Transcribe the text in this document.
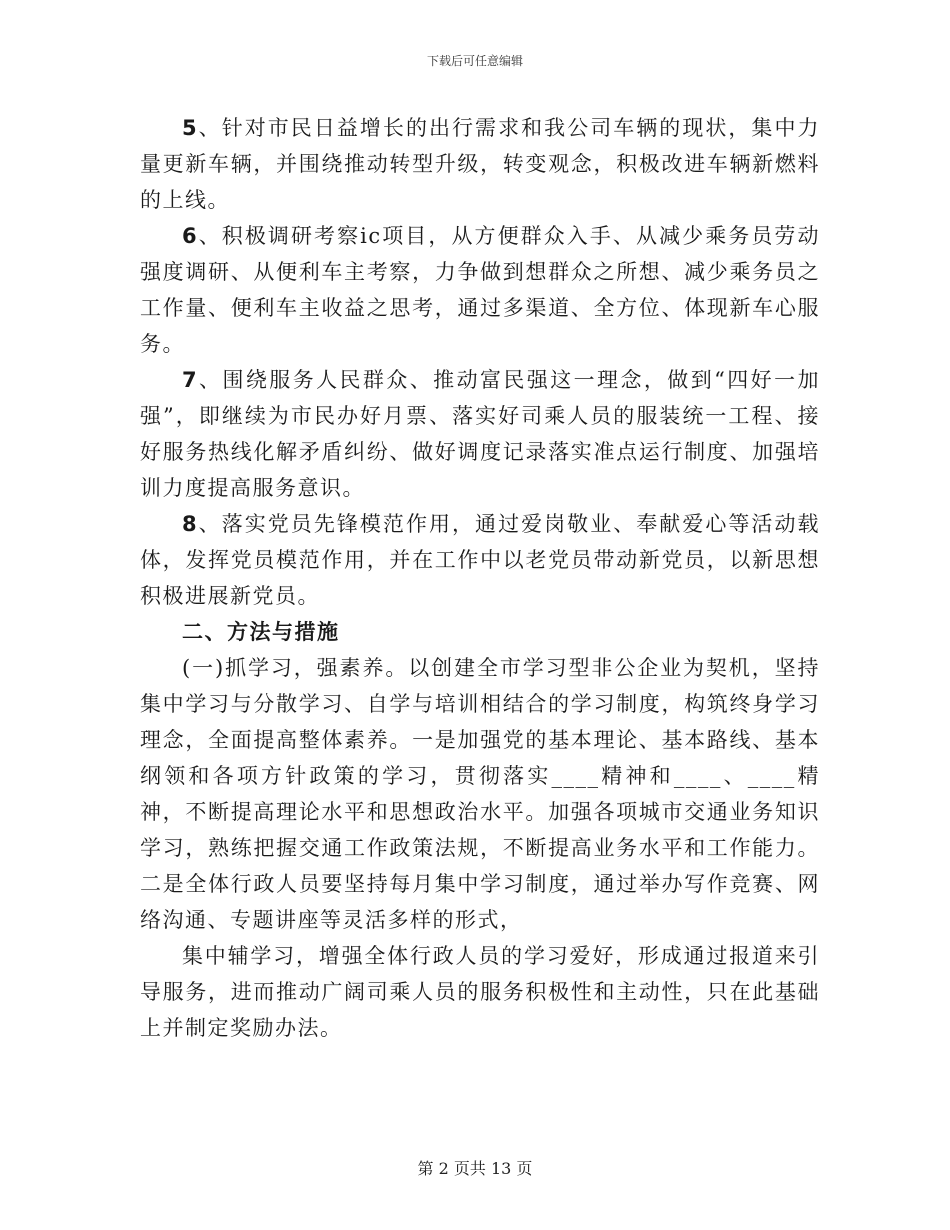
下载后可任意编辑

5、针对市民日益增长的出行需求和我公司车辆的现状，集中力量更新车辆，并围绕推动转型升级，转变观念，积极改进车辆新燃料的上线。

6、积极调研考察ic项目，从方便群众入手、从减少乘务员劳动强度调研、从便利车主考察，力争做到想群众之所想、减少乘务员之工作量、便利车主收益之思考，通过多渠道、全方位、体现新车心服务。

7、围绕服务人民群众、推动富民强这一理念，做到“四好一加强”，即继续为市民办好月票、落实好司乘人员的服装统一工程、接好服务热线化解矛盾纠纷、做好调度记录落实准点运行制度、加强培训力度提高服务意识。

8、落实党员先锋模范作用，通过爱岗敬业、奉献爱心等活动载体，发挥党员模范作用，并在工作中以老党员带动新党员，以新思想积极进展新党员。

二、方法与措施

(一)抓学习，强素养。以创建全市学习型非公企业为契机，坚持集中学习与分散学习、自学与培训相结合的学习制度，构筑终身学习理念，全面提高整体素养。一是加强党的基本理论、基本路线、基本纲领和各项方针政策的学习，贯彻落实____精神和____、____精神，不断提高理论水平和思想政治水平。加强各项城市交通业务知识学习，熟练把握交通工作政策法规，不断提高业务水平和工作能力。二是全体行政人员要坚持每月集中学习制度，通过举办写作竞赛、网络沟通、专题讲座等灵活多样的形式，

集中辅学习，增强全体行政人员的学习爱好，形成通过报道来引导服务，进而推动广阔司乘人员的服务积极性和主动性，只在此基础上并制定奖励办法。

第 2 页共 13 页
